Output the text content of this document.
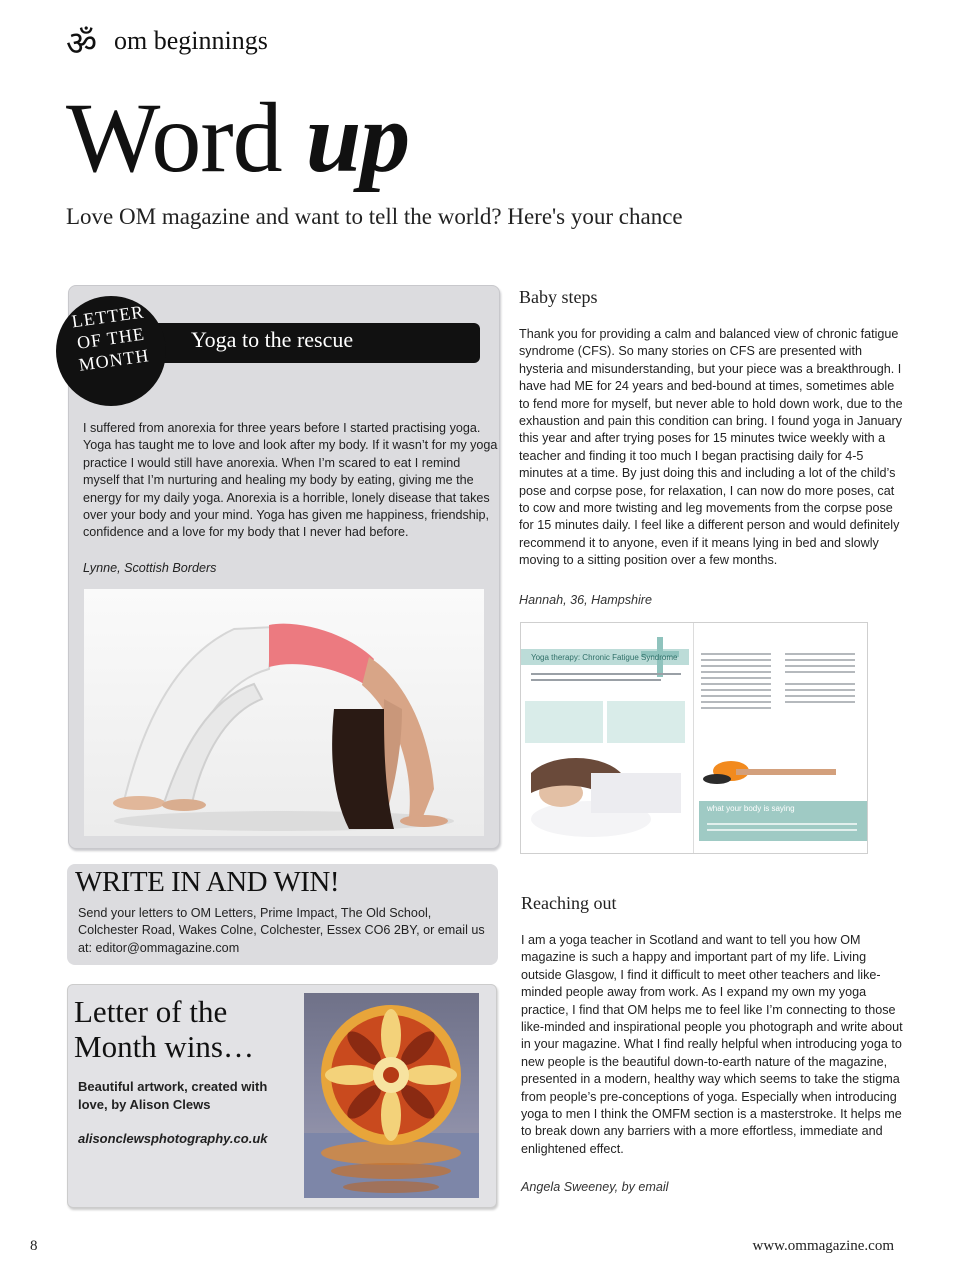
ॐ om beginnings
Word up
Love OM magazine and want to tell the world? Here's your chance
Yoga to the rescue
LETTER OF THE MONTH
I suffered from anorexia for three years before I started practising yoga. Yoga has taught me to love and look after my body. If it wasn’t for my yoga practice I would still have anorexia. When I’m scared to eat I remind myself that I’m nurturing and healing my body by eating, giving me the energy for my daily yoga. Anorexia is a horrible, lonely disease that takes over your body and your mind. Yoga has given me happiness, friendship, confidence and a love for my body that I never had before.
Lynne, Scottish Borders
WRITE IN AND WIN!
Send your letters to OM Letters, Prime Impact, The Old School, Colchester Road, Wakes Colne, Colchester, Essex CO6 2BY, or email us at: editor@ommagazine.com
Letter of the Month wins…
Beautiful artwork, created with love, by Alison Clews
alisonclewsphotography.co.uk
Baby steps
Thank you for providing a calm and balanced view of chronic fatigue syndrome (CFS). So many stories on CFS are presented with hysteria and misunderstanding, but your piece was a breakthrough. I have had ME for 24 years and bed-bound at times, sometimes able to fend more for myself, but never able to hold down work, due to the exhaustion and pain this condition can bring. I found yoga in January this year and after trying poses for 15 minutes twice weekly with a teacher and finding it too much I began practising daily for 4-5 minutes at a time. By just doing this and including a lot of the child’s pose and corpse pose, for relaxation, I can now do more poses, cat to cow and more twisting and leg movements from the corpse pose for 15 minutes daily. I feel like a different person and would definitely recommend it to anyone, even if it means lying in bed and slowly moving to a sitting position over a few months.
Hannah, 36, Hampshire
Yoga therapy: Chronic Fatigue Syndrome
what your body is saying
Reaching out
I am a yoga teacher in Scotland and want to tell you how OM magazine is such a happy and important part of my life. Living outside Glasgow, I find it difficult to meet other teachers and like-minded people away from work. As I expand my own my yoga practice, I find that OM helps me to feel like I’m connecting to those like-minded and inspirational people you photograph and write about in your magazine. What I find really helpful when introducing yoga to new people is the beautiful down-to-earth nature of the magazine, presented in a modern, healthy way which seems to take the stigma from people’s pre-conceptions of yoga. Especially when introducing yoga to men I think the OMFM section is a masterstroke. It helps me to break down any barriers with a more effortless, immediate and enlightened effect.
Angela Sweeney, by email
8	www.ommagazine.com
